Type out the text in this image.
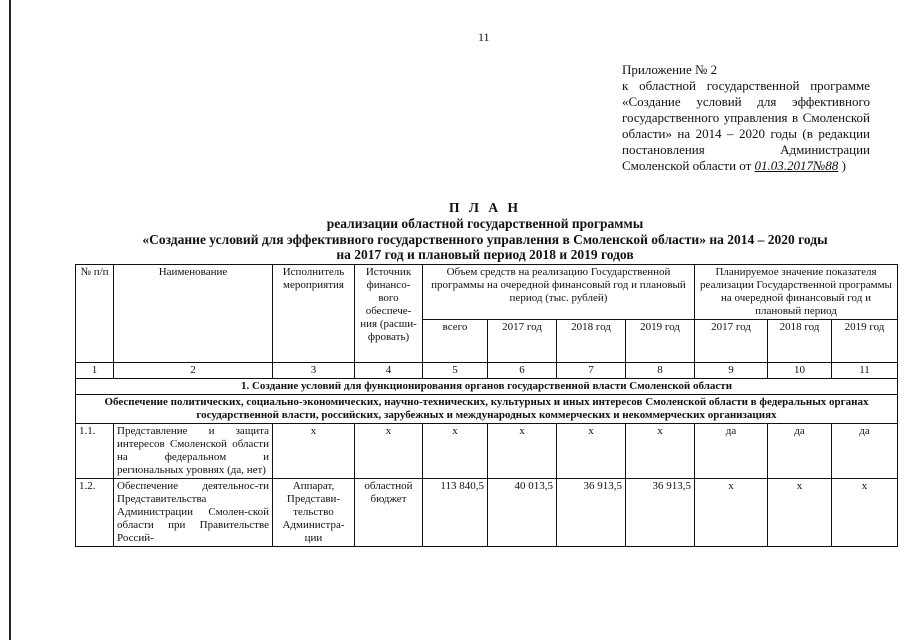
11
Приложение № 2
к областной государственной программе «Создание условий для эффективного государственного управления в Смоленской области» на 2014 – 2020 годы (в редакции постановления Администрации
Смоленской области от 01.03.2017№88 )
П Л А Н
реализации областной государственной программы
«Создание условий для эффективного государственного управления в Смоленской области» на 2014 – 2020 годы
на 2017 год и плановый период 2018 и 2019 годов
№ п/п	Наименование	Исполнитель мероприятия	Источник финансо-вого обеспече-ния (расши-фровать)	Объем средств на реализацию Государственной программы на очередной финансовый год и плановый период (тыс. рублей)				Планируемое значение показателя реализации Государственной программы на очередной финансовый год и плановый период		
				всего	2017 год	2018 год	2019 год	2017 год	2018 год	2019 год
1	2	3	4	5	6	7	8	9	10	11
1. Создание условий для функционирования органов государственной власти Смоленской области										
Обеспечение политических, социально-экономических, научно-технических, культурных и иных интересов Смоленской области в федеральных органах государственной власти, российских, зарубежных и международных коммерческих и некоммерческих организациях										
1.1.	Представление и защита интересов Смоленской области на федеральном и региональных уровнях (да, нет)	х	х	х	х	х	х	да	да	да
1.2.	Обеспечение деятельнос-ти Представительства Администрации Смолен-ской области при Правительстве Россий-	Аппарат, Представи-тельство Администра-ции	областной бюджет	113 840,5	40 013,5	36 913,5	36 913,5	х	х	х
